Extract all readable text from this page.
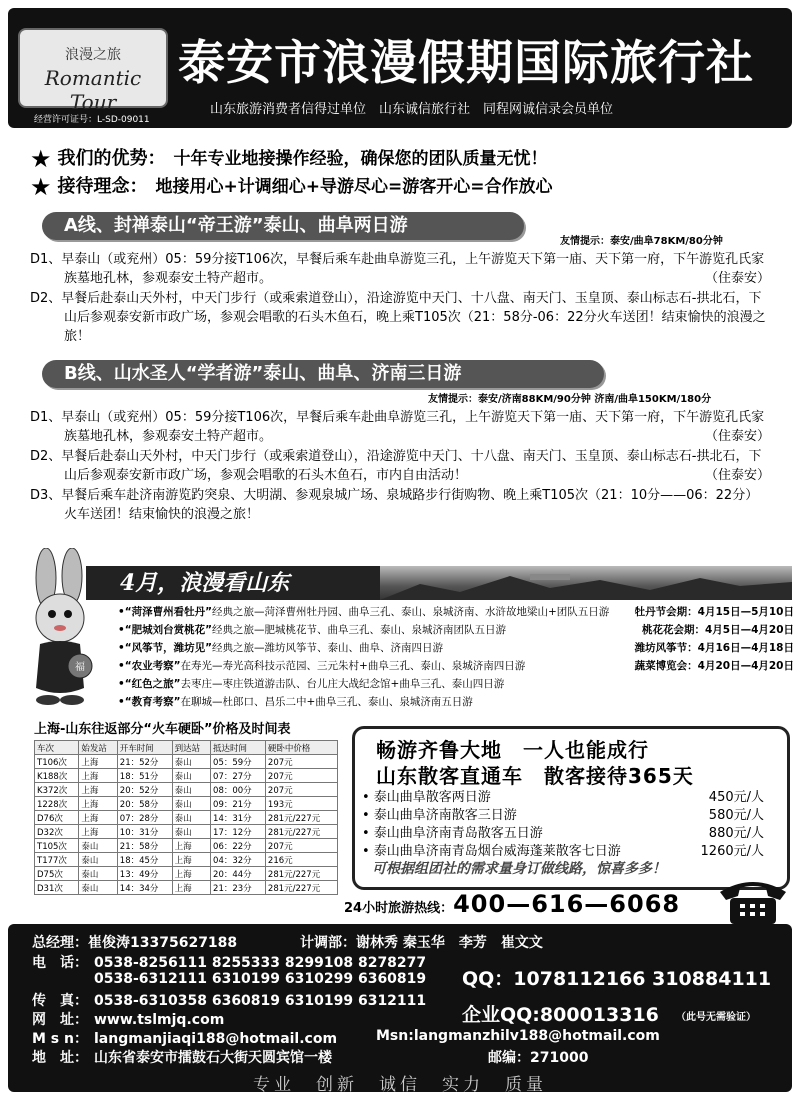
浪漫之旅
Romantic Tour
经营许可证号：L-SD-09011
泰安市浪漫假期国际旅行社
山东旅游消费者信得过单位　山东诚信旅行社　同程网诚信录会员单位
★ 我们的优势： 十年专业地接操作经验，确保您的团队质量无忧！
★ 接待理念： 地接用心+计调细心+导游尽心=游客开心=合作放心
A线、封禅泰山“帝王游”泰山、曲阜两日游
友情提示：泰安/曲阜78KM/80分钟
D1、早泰山（或兖州）05：59分接T106次，早餐后乘车赴曲阜游览三孔，上午游览天下第一庙、天下第一府，下午游览孔氏家族墓地孔林，参观泰安土特产超市。	（住泰安）
D2、早餐后赴泰山天外村，中天门步行（或乘索道登山），沿途游览中天门、十八盘、南天门、玉皇顶、泰山标志石-拱北石，下山后参观泰安新市政广场，参观会唱歌的石头木鱼石，晚上乘T105次（21：58分-06：22分火车送团！结束愉快的浪漫之旅！
B线、山水圣人“学者游”泰山、曲阜、济南三日游
友情提示：泰安/济南88KM/90分钟 济南/曲阜150KM/180分
D1、早泰山（或兖州）05：59分接T106次，早餐后乘车赴曲阜游览三孔，上午游览天下第一庙、天下第一府，下午游览孔氏家族墓地孔林，参观泰安土特产超市。	（住泰安）
D2、早餐后赴泰山天外村，中天门步行（或乘索道登山），沿途游览中天门、十八盘、南天门、玉皇顶、泰山标志石-拱北石，下山后参观泰安新市政广场，参观会唱歌的石头木鱼石，市内自由活动！	（住泰安）
D3、早餐后乘车赴济南游览趵突泉、大明湖、参观泉城广场、泉城路步行街购物、晚上乘T105次（21：10分——06：22分）火车送团！结束愉快的浪漫之旅！
4月，浪漫看山东
福
•“菏泽曹州看牡丹”经典之旅—菏泽曹州牡丹园、曲阜三孔、泰山、泉城济南、水浒故地梁山+团队五日游 牡丹节会期：4月15日—5月10日
•“肥城刘台赏桃花”经典之旅—肥城桃花节、曲阜三孔、泰山、泉城济南团队五日游	桃花花会期：4月5日—4月20日
•“风筝节，潍坊见”经典之旅—潍坊风筝节、泰山、曲阜、济南四日游	潍坊风筝节：4月16日—4月18日
•“农业考察”在寿光—寿光高科技示范园、三元朱村+曲阜三孔、泰山、泉城济南四日游	蔬菜博览会：4月20日—4月20日
•“红色之旅”去枣庄—枣庄铁道游击队、台儿庄大战纪念馆+曲阜三孔、泰山四日游
•“教育考察”在聊城—杜郎口、昌乐二中+曲阜三孔、泰山、泉城济南五日游
上海-山东往返部分“火车硬卧”价格及时间表
车次	始发站	开车时间	到达站	抵达时间	硬卧中价格
T106次	上海	21：52分	泰山	05：59分	207元
K188次	上海	18：51分	泰山	07：27分	207元
K372次	上海	20：52分	泰山	08：00分	207元
1228次	上海	20：58分	泰山	09：21分	193元
D76次	上海	07：28分	泰山	14：31分	281元/227元
D32次	上海	10：31分	泰山	17：12分	281元/227元
T105次	泰山	21：58分	上海	06：22分	207元
T177次	泰山	18：45分	上海	04：32分	216元
D75次	泰山	13：49分	上海	20：44分	281元/227元
D31次	泰山	14：34分	上海	21：23分	281元/227元
畅游齐鲁大地　一人也能成行
山东散客直通车　散客接待365天
• 泰山曲阜散客两日游	450元/人
• 泰山曲阜济南散客三日游	580元/人
• 泰山曲阜济南青岛散客五日游	880元/人
• 泰山曲阜济南青岛烟台威海蓬莱散客七日游	1260元/人
可根据组团社的需求量身订做线路，惊喜多多！
24小时旅游热线：400—616—6068
总经理：崔俊涛13375627188	计调部：谢林秀 秦玉华　李芳　崔文文
电　话： 0538-8256111 8255333 8299108 8278277
0538-6312111 6310199 6310299 6360819
传　真： 0538-6310358 6360819 6310199 6312111
网　址： www.tslmjq.com
M s n： langmanjiaqi188@hotmail.com	Msn:langmanzhilv188@hotmail.com
地　址： 山东省泰安市擂鼓石大街天圆宾馆一楼	邮编：271000
QQ：1078112166 310884111
企业QQ:800013316 （此号无需验证）
专业　创新　诚信　实力　质量
